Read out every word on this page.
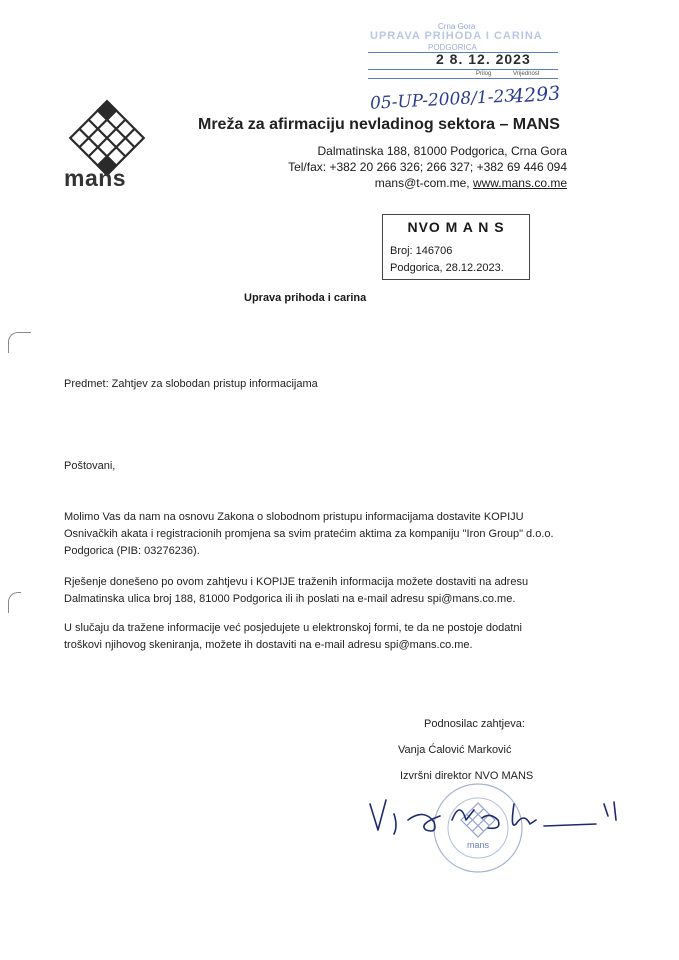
Crna Gora
UPRAVA PRIHODA I CARINA
PODGORICA
2 8. 12. 2023
Prilog	Vrijednost
05-UP-2008/1-23
4293
mans
Mreža za afirmaciju nevladinog sektora – MANS
Dalmatinska 188, 81000 Podgorica, Crna Gora
Tel/fax: +382 20 266 326; 266 327; +382 69 446 094
mans@t-com.me, www.mans.co.me
NVO M A N S
Broj: 146706
Podgorica, 28.12.2023.
Uprava prihoda i carina
Predmet: Zahtjev za slobodan pristup informacijama
Poštovani,
Molimo Vas da nam na osnovu Zakona o slobodnom pristupu informacijama dostavite KOPIJU
Osnivačkih akata i registracionih promjena sa svim pratećim aktima za kompaniju "Iron Group" d.o.o.
Podgorica (PIB: 03276236).
Rješenje donešeno po ovom zahtjevu i KOPIJE traženih informacija možete dostaviti na adresu
Dalmatinska ulica broj 188, 81000 Podgorica ili ih poslati na e-mail adresu spi@mans.co.me.
U slučaju da tražene informacije već posjedujete u elektronskoj formi, te da ne postoje dodatni
troškovi njihovog skeniranja, možete ih dostaviti na e-mail adresu spi@mans.co.me.
Podnosilac zahtjeva:
Vanja Ćalović Marković
Izvršni direktor NVO MANS
mans
